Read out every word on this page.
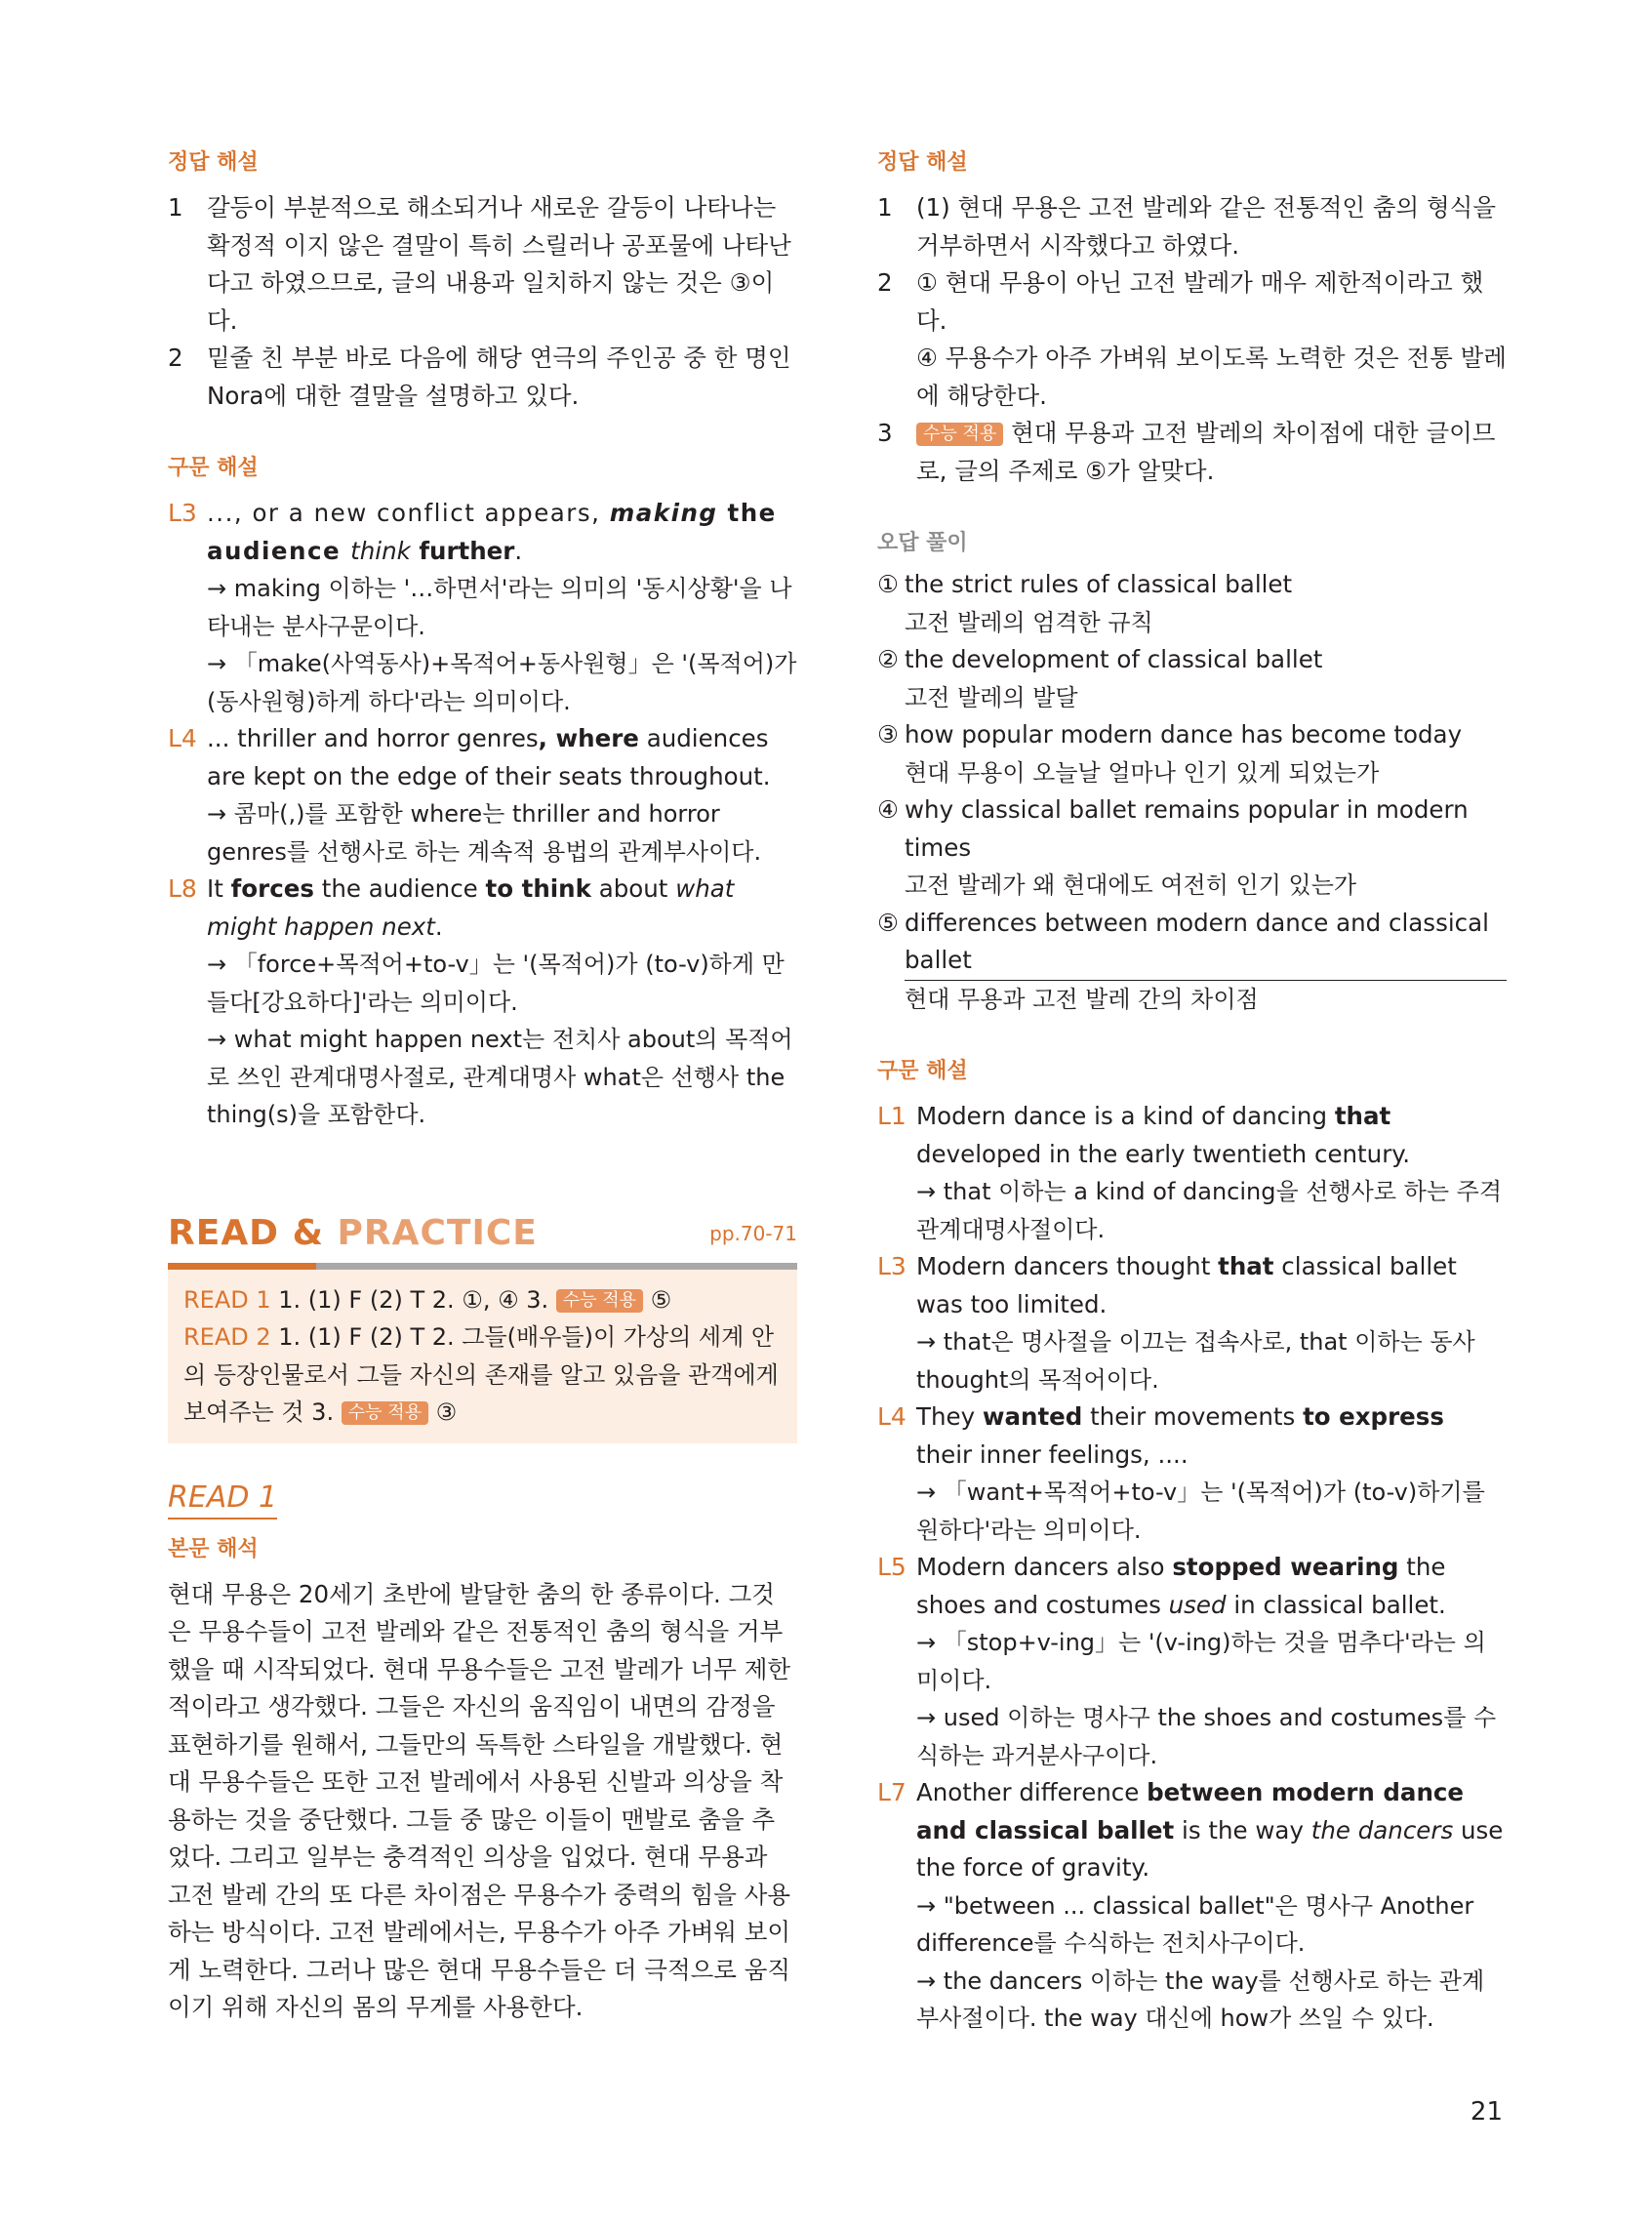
정답 해설
1 갈등이 부분적으로 해소되거나 새로운 갈등이 나타나는 확정적 이지 않은 결말이 특히 스릴러나 공포물에 나타난다고 하였으므로, 글의 내용과 일치하지 않는 것은 ③이다.
2 밑줄 친 부분 바로 다음에 해당 연극의 주인공 중 한 명인 Nora에 대한 결말을 설명하고 있다.
구문 해설
L3 ..., or a new conflict appears, making the audience think further.
→ making 이하는 '…하면서'라는 의미의 '동시상황'을 나타내는 분사구문이다.
→ 「make(사역동사)+목적어+동사원형」은 '(목적어)가 (동사원형)하게 하다'라는 의미이다.
L4 ... thriller and horror genres, where audiences are kept on the edge of their seats throughout.
→ 콤마(,)를 포함한 where는 thriller and horror genres를 선행사로 하는 계속적 용법의 관계부사이다.
L8 It forces the audience to think about what might happen next.
→ 「force+목적어+to-v」는 '(목적어)가 (to-v)하게 만들다[강요하다]'라는 의미이다.
→ what might happen next는 전치사 about의 목적어로 쓰인 관계대명사절로, 관계대명사 what은 선행사 the thing(s)을 포함한다.
READ & PRACTICE	pp.70-71
READ 1 1. (1) F (2) T 2. ①, ④ 3. 수능 적용 ⑤
READ 2 1. (1) F (2) T 2. 그들(배우들)이 가상의 세계 안의 등장인물로서 그들 자신의 존재를 알고 있음을 관객에게 보여주는 것 3. 수능 적용 ③
READ 1
본문 해석
현대 무용은 20세기 초반에 발달한 춤의 한 종류이다. 그것은 무용수들이 고전 발레와 같은 전통적인 춤의 형식을 거부했을 때 시작되었다. 현대 무용수들은 고전 발레가 너무 제한적이라고 생각했다. 그들은 자신의 움직임이 내면의 감정을 표현하기를 원해서, 그들만의 독특한 스타일을 개발했다. 현대 무용수들은 또한 고전 발레에서 사용된 신발과 의상을 착용하는 것을 중단했다. 그들 중 많은 이들이 맨발로 춤을 추었다. 그리고 일부는 충격적인 의상을 입었다. 현대 무용과 고전 발레 간의 또 다른 차이점은 무용수가 중력의 힘을 사용하는 방식이다. 고전 발레에서는, 무용수가 아주 가벼워 보이게 노력한다. 그러나 많은 현대 무용수들은 더 극적으로 움직이기 위해 자신의 몸의 무게를 사용한다.
정답 해설
1 (1) 현대 무용은 고전 발레와 같은 전통적인 춤의 형식을 거부하면서 시작했다고 하였다.
2 ① 현대 무용이 아닌 고전 발레가 매우 제한적이라고 했다.
④ 무용수가 아주 가벼워 보이도록 노력한 것은 전통 발레에 해당한다.
3	수능 적용 현대 무용과 고전 발레의 차이점에 대한 글이므로, 글의 주제로 ⑤가 알맞다.
오답 풀이
① the strict rules of classical ballet
고전 발레의 엄격한 규칙
② the development of classical ballet
고전 발레의 발달
③ how popular modern dance has become today
현대 무용이 오늘날 얼마나 인기 있게 되었는가
④ why classical ballet remains popular in modern times
고전 발레가 왜 현대에도 여전히 인기 있는가
⑤ differences between modern dance and classical ballet
현대 무용과 고전 발레 간의 차이점
구문 해설
L1 Modern dance is a kind of dancing that developed in the early twentieth century.
→ that 이하는 a kind of dancing을 선행사로 하는 주격 관계대명사절이다.
L3 Modern dancers thought that classical ballet was too limited.
→ that은 명사절을 이끄는 접속사로, that 이하는 동사 thought의 목적어이다.
L4 They wanted their movements to express their inner feelings, ....
→ 「want+목적어+to-v」는 '(목적어)가 (to-v)하기를 원하다'라는 의미이다.
L5 Modern dancers also stopped wearing the shoes and costumes used in classical ballet.
→ 「stop+v-ing」는 '(v-ing)하는 것을 멈추다'라는 의미이다.
→ used 이하는 명사구 the shoes and costumes를 수식하는 과거분사구이다.
L7 Another difference between modern dance and classical ballet is the way the dancers use the force of gravity.
→ "between ... classical ballet"은 명사구 Another difference를 수식하는 전치사구이다.
→ the dancers 이하는 the way를 선행사로 하는 관계부사절이다. the way 대신에 how가 쓰일 수 있다.
21
